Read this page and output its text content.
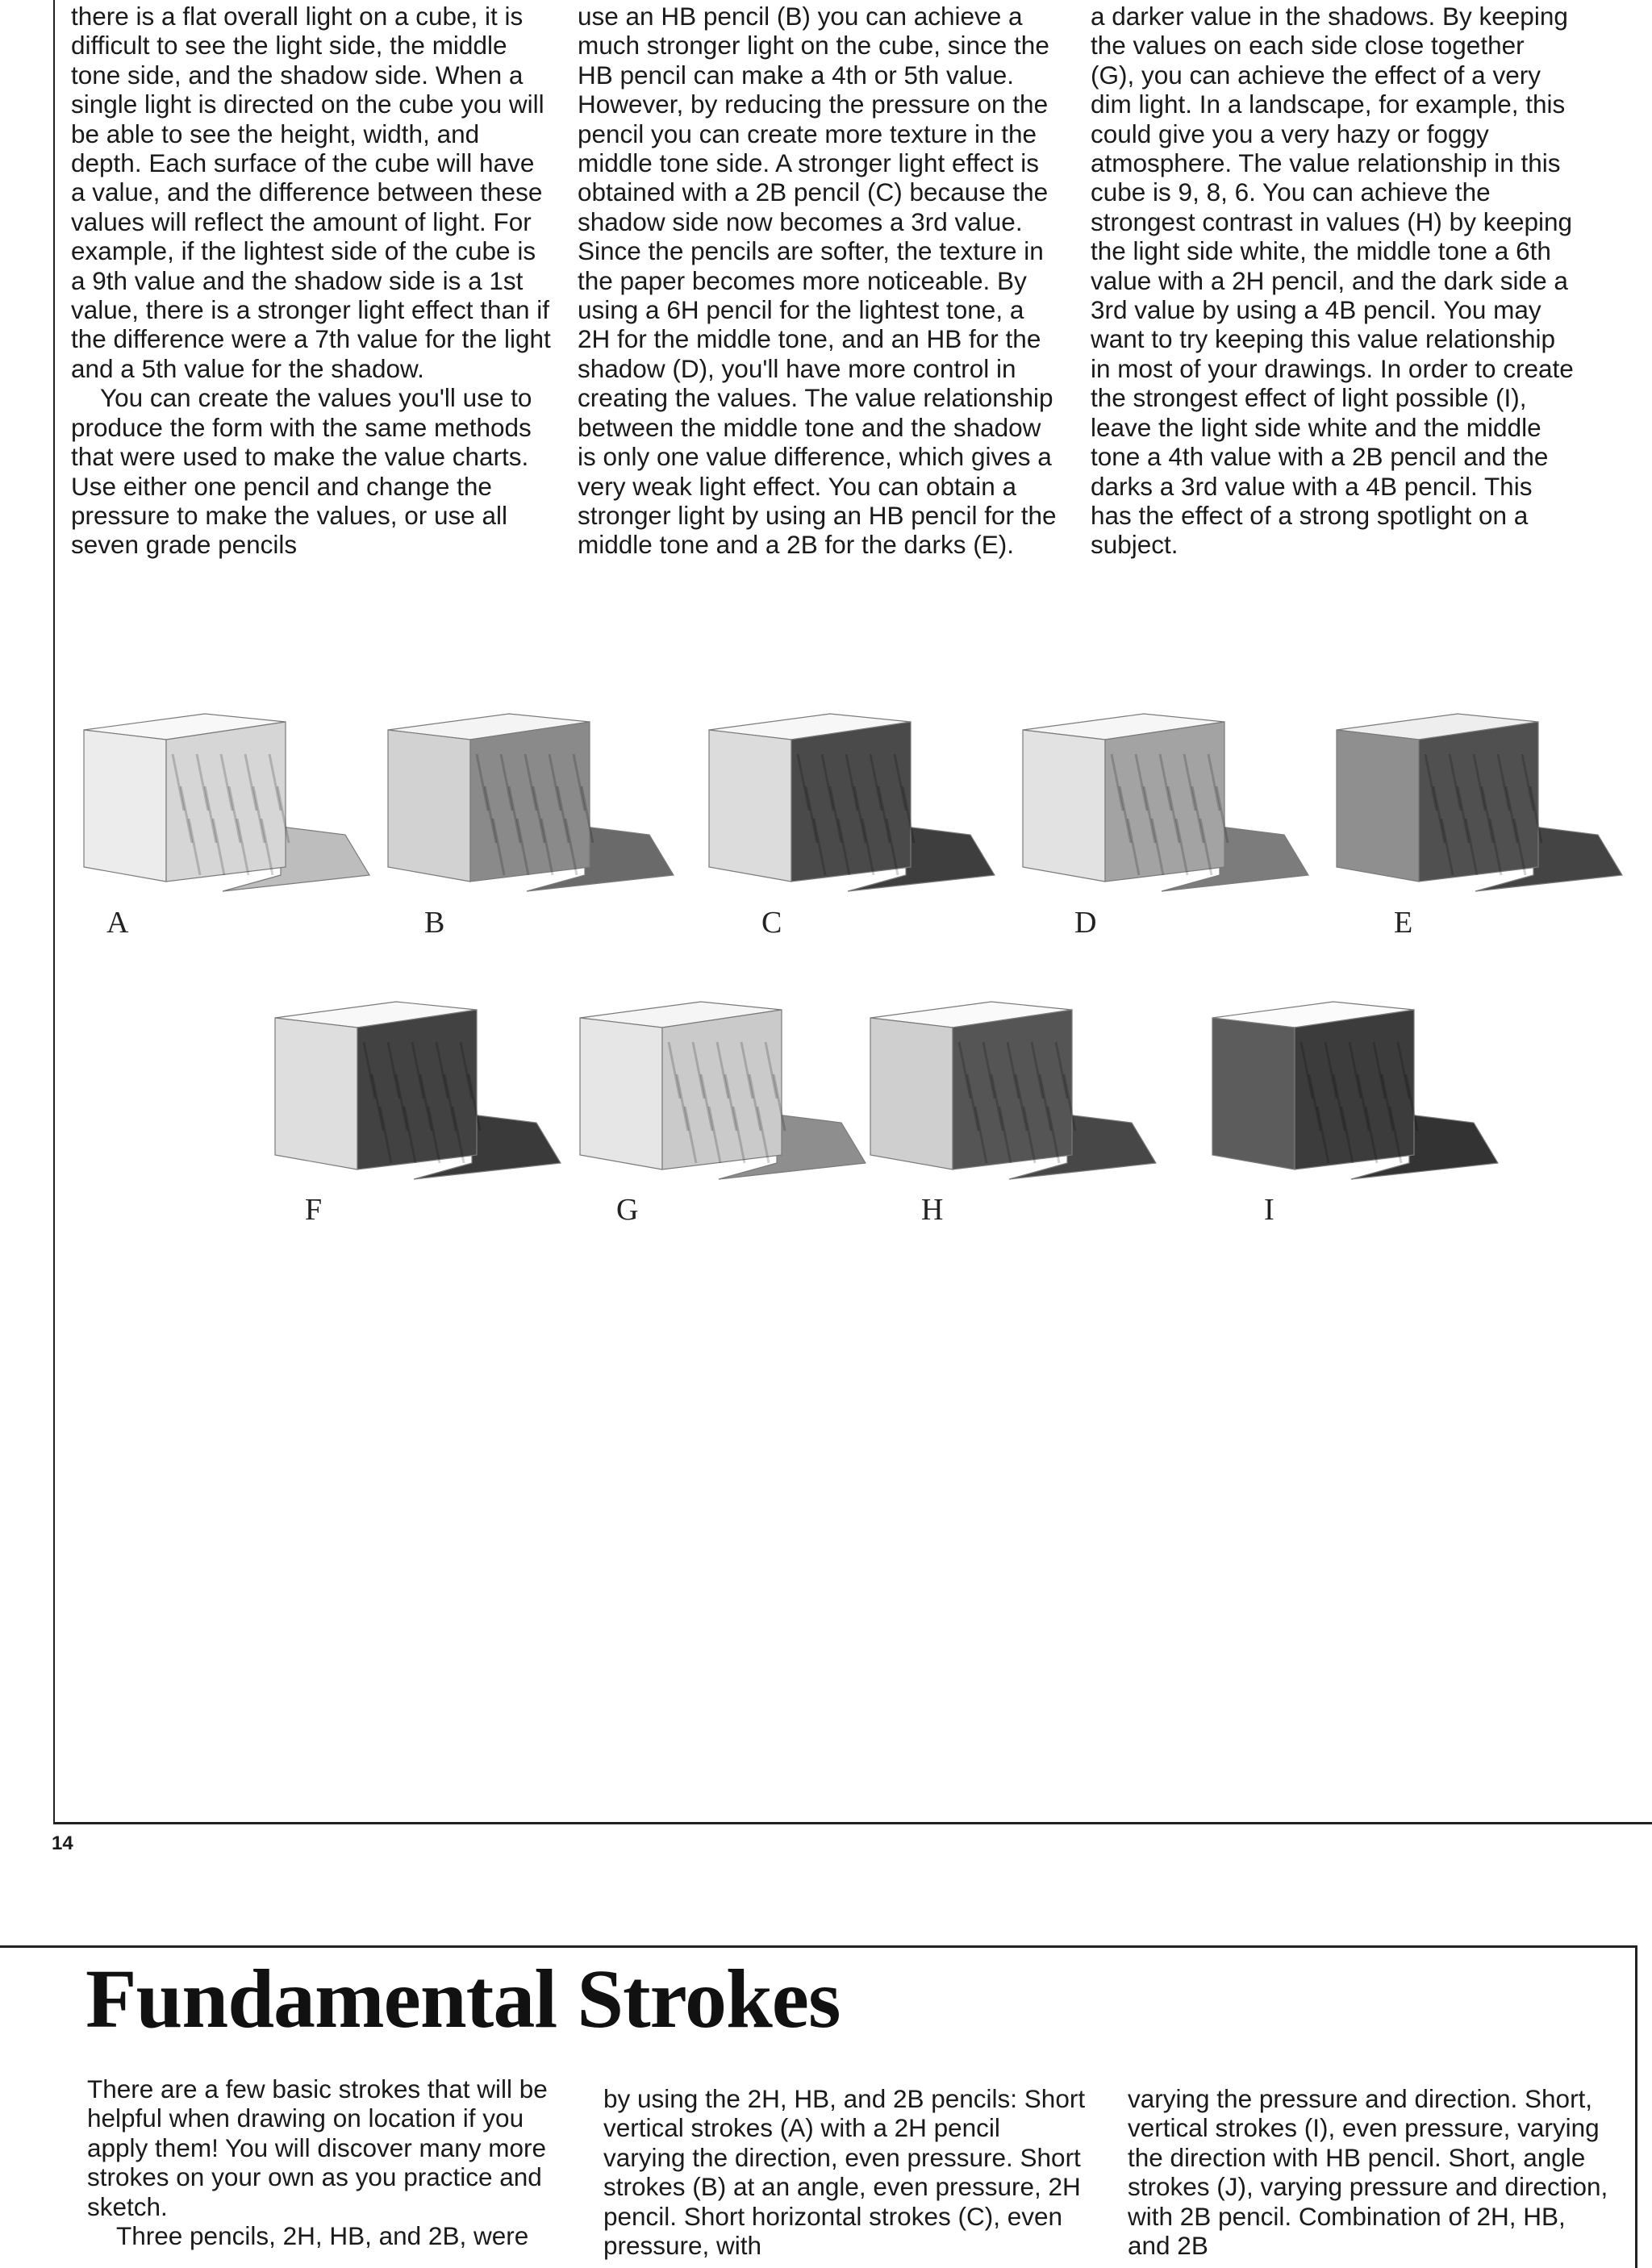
there is a flat overall light on a cube, it is difficult to see the light side, the middle tone side, and the shadow side. When a single light is directed on the cube you will be able to see the height, width, and depth. Each surface of the cube will have a value, and the difference between these values will reflect the amount of light. For example, if the lightest side of the cube is a 9th value and the shadow side is a 1st value, there is a stronger light effect than if the difference were a 7th value for the light and a 5th value for the shadow.

You can create the values you'll use to produce the form with the same methods that were used to make the value charts. Use either one pencil and change the pressure to make the values, or use all seven grade pencils

use an HB pencil (B) you can achieve a much stronger light on the cube, since the HB pencil can make a 4th or 5th value. However, by reducing the pressure on the pencil you can create more texture in the middle tone side. A stronger light effect is obtained with a 2B pencil (C) because the shadow side now becomes a 3rd value. Since the pencils are softer, the texture in the paper becomes more noticeable. By using a 6H pencil for the lightest tone, a 2H for the middle tone, and an HB for the shadow (D), you'll have more control in creating the values. The value relationship between the middle tone and the shadow is only one value difference, which gives a very weak light effect. You can obtain a stronger light by using an HB pencil for the middle tone and a 2B for the darks (E).

a darker value in the shadows. By keeping the values on each side close together (G), you can achieve the effect of a very dim light. In a landscape, for example, this could give you a very hazy or foggy atmosphere. The value relationship in this cube is 9, 8, 6. You can achieve the strongest contrast in values (H) by keeping the light side white, the middle tone a 6th value with a 2H pencil, and the dark side a 3rd value by using a 4B pencil. You may want to try keeping this value relationship in most of your drawings. In order to create the strongest effect of light possible (I), leave the light side white and the middle tone a 4th value with a 2B pencil and the darks a 3rd value with a 4B pencil. This has the effect of a strong spotlight on a subject.

A	B	C	D	E
F	G	H	I
14
Fundamental Strokes

There are a few basic strokes that will be helpful when drawing on location if you apply them! You will discover many more strokes on your own as you practice and sketch.

Three pencils, 2H, HB, and 2B, were

by using the 2H, HB, and 2B pencils: Short vertical strokes (A) with a 2H pencil varying the direction, even pressure. Short strokes (B) at an angle, even pressure, 2H pencil. Short horizontal strokes (C), even pressure, with

varying the pressure and direction. Short, vertical strokes (I), even pressure, varying the direction with HB pencil. Short, angle strokes (J), varying pressure and direction, with 2B pencil. Combination of 2H, HB, and 2B
